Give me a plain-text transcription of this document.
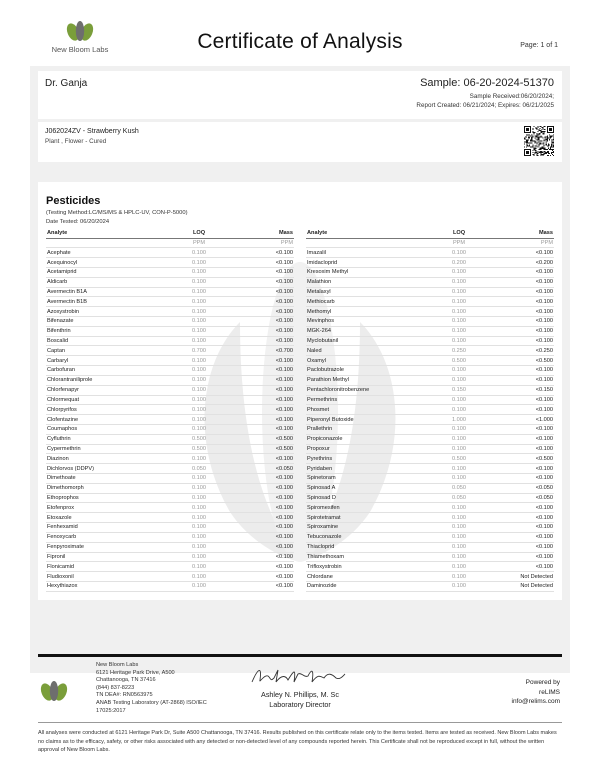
New Bloom Labs	Certificate of Analysis	Page: 1 of 1
Dr. Ganja	Sample: 06-20-2024-51370
Sample Received:06/20/2024;
Report Created: 06/21/2024; Expires: 06/21/2025
J062024ZV - Strawberry Kush
Plant , Flower - Cured
Pesticides
(Testing Method:LC/MS/MS & HPLC-UV, CON-P-5000)
Date Tested: 06/20/2024
Analyte	LOQ	Mass
	PPM	PPM
Acephate	0.100	<0.100
Acequinocyl	0.100	<0.100
Acetamiprid	0.100	<0.100
Aldicarb	0.100	<0.100
Avermectin B1A	0.100	<0.100
Avermectin B1B	0.100	<0.100
Azoxystrobin	0.100	<0.100
Bifenazate	0.100	<0.100
Bifenthrin	0.100	<0.100
Boscalid	0.100	<0.100
Captan	0.700	<0.700
Carbaryl	0.100	<0.100
Carbofuran	0.100	<0.100
Chlorantraniliprole	0.100	<0.100
Chlorfenapyr	0.100	<0.100
Chlormequat	0.100	<0.100
Chlorpyrifos	0.100	<0.100
Clofentazine	0.100	<0.100
Coumaphos	0.100	<0.100
Cyfluthrin	0.500	<0.500
Cypermethrin	0.500	<0.500
Diazinon	0.100	<0.100
Dichlorvos (DDPV)	0.050	<0.050
Dimethoate	0.100	<0.100
Dimethomorph	0.100	<0.100
Ethoprophos	0.100	<0.100
Etofenprox	0.100	<0.100
Etoxazole	0.100	<0.100
Fenhexamid	0.100	<0.100
Fenoxycarb	0.100	<0.100
Fenpyroximate	0.100	<0.100
Fipronil	0.100	<0.100
Flonicamid	0.100	<0.100
Fludioxonil	0.100	<0.100
Hexythiazox	0.100	<0.100
Analyte	LOQ	Mass
	PPM	PPM
Imazalil	0.100	<0.100
Imidacloprid	0.200	<0.200
Kresoxim Methyl	0.100	<0.100
Malathion	0.100	<0.100
Metalaxyl	0.100	<0.100
Methiocarb	0.100	<0.100
Methomyl	0.100	<0.100
Mevinphos	0.100	<0.100
MGK-264	0.100	<0.100
Myclobutanil	0.100	<0.100
Naled	0.250	<0.250
Oxamyl	0.500	<0.500
Paclobutrazole	0.100	<0.100
Parathion Methyl	0.100	<0.100
Pentachloronitrobenzene	0.150	<0.150
Permethrins	0.100	<0.100
Phosmet	0.100	<0.100
Piperonyl Butoxide	1.000	<1.000
Prallethrin	0.100	<0.100
Propiconazole	0.100	<0.100
Propoxur	0.100	<0.100
Pyrethrins	0.500	<0.500
Pyridaben	0.100	<0.100
Spinetoram	0.100	<0.100
Spinosad A	0.050	<0.050
Spinosad D	0.050	<0.050
Spiromesifen	0.100	<0.100
Spirotetramat	0.100	<0.100
Spiroxamine	0.100	<0.100
Tebuconazole	0.100	<0.100
Thiacloprid	0.100	<0.100
Thiamethoxam	0.100	<0.100
Trifloxystrobin	0.100	<0.100
Chlordane	0.100	Not Detected
Daminozide	0.100	Not Detected
New Bloom Labs
6121 Heritage Park Drive, A500
Chattanooga, TN 37416
(844) 837-8223
TN DEA#: RN0563975
ANAB Testing Laboratory (AT-2868) ISO/IEC
17025:2017
Ashley N. Phillips, M. Sc
Laboratory Director
Powered by
reLIMS
info@relims.com
All analyses were conducted at 6121 Heritage Park Dr, Suite A500 Chattanooga, TN 37416. Results published on this certificate relate only to the items tested. Items are tested as received. New Bloom Labs makes no claims as to the efficacy, safety, or other risks associated with any detected or non-detected level of any compounds reported herein. This Certificate shall not be reproduced except in full, without the written approval of New Bloom Labs.
